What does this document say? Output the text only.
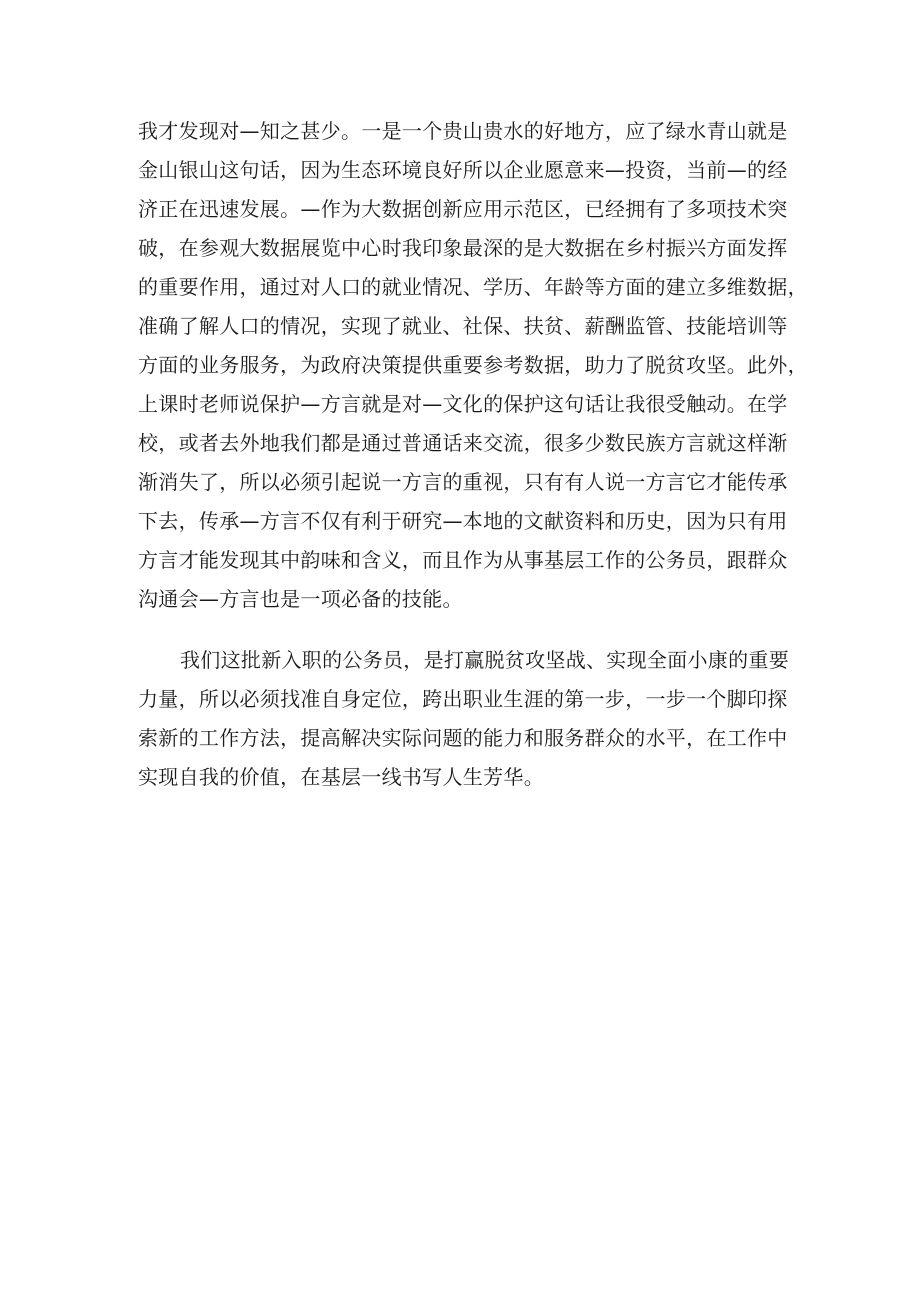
我才发现对—知之甚少。一是一个贵山贵水的好地方，应了绿水青山就是
金山银山这句话，因为生态环境良好所以企业愿意来—投资，当前—的经
济正在迅速发展。—作为大数据创新应用示范区，已经拥有了多项技术突
破，在参观大数据展览中心时我印象最深的是大数据在乡村振兴方面发挥
的重要作用，通过对人口的就业情况、学历、年龄等方面的建立多维数据，
准确了解人口的情况，实现了就业、社保、扶贫、薪酬监管、技能培训等
方面的业务服务，为政府决策提供重要参考数据，助力了脱贫攻坚。此外，
上课时老师说保护—方言就是对—文化的保护这句话让我很受触动。在学
校，或者去外地我们都是通过普通话来交流，很多少数民族方言就这样渐
渐消失了，所以必须引起说一方言的重视，只有有人说一方言它才能传承
下去，传承—方言不仅有利于研究—本地的文献资料和历史，因为只有用
方言才能发现其中韵味和含义，而且作为从事基层工作的公务员，跟群众
沟通会—方言也是一项必备的技能。

我们这批新入职的公务员，是打赢脱贫攻坚战、实现全面小康的重要
力量，所以必须找准自身定位，跨出职业生涯的第一步，一步一个脚印探
索新的工作方法，提高解决实际问题的能力和服务群众的水平，在工作中
实现自我的价值，在基层一线书写人生芳华。
